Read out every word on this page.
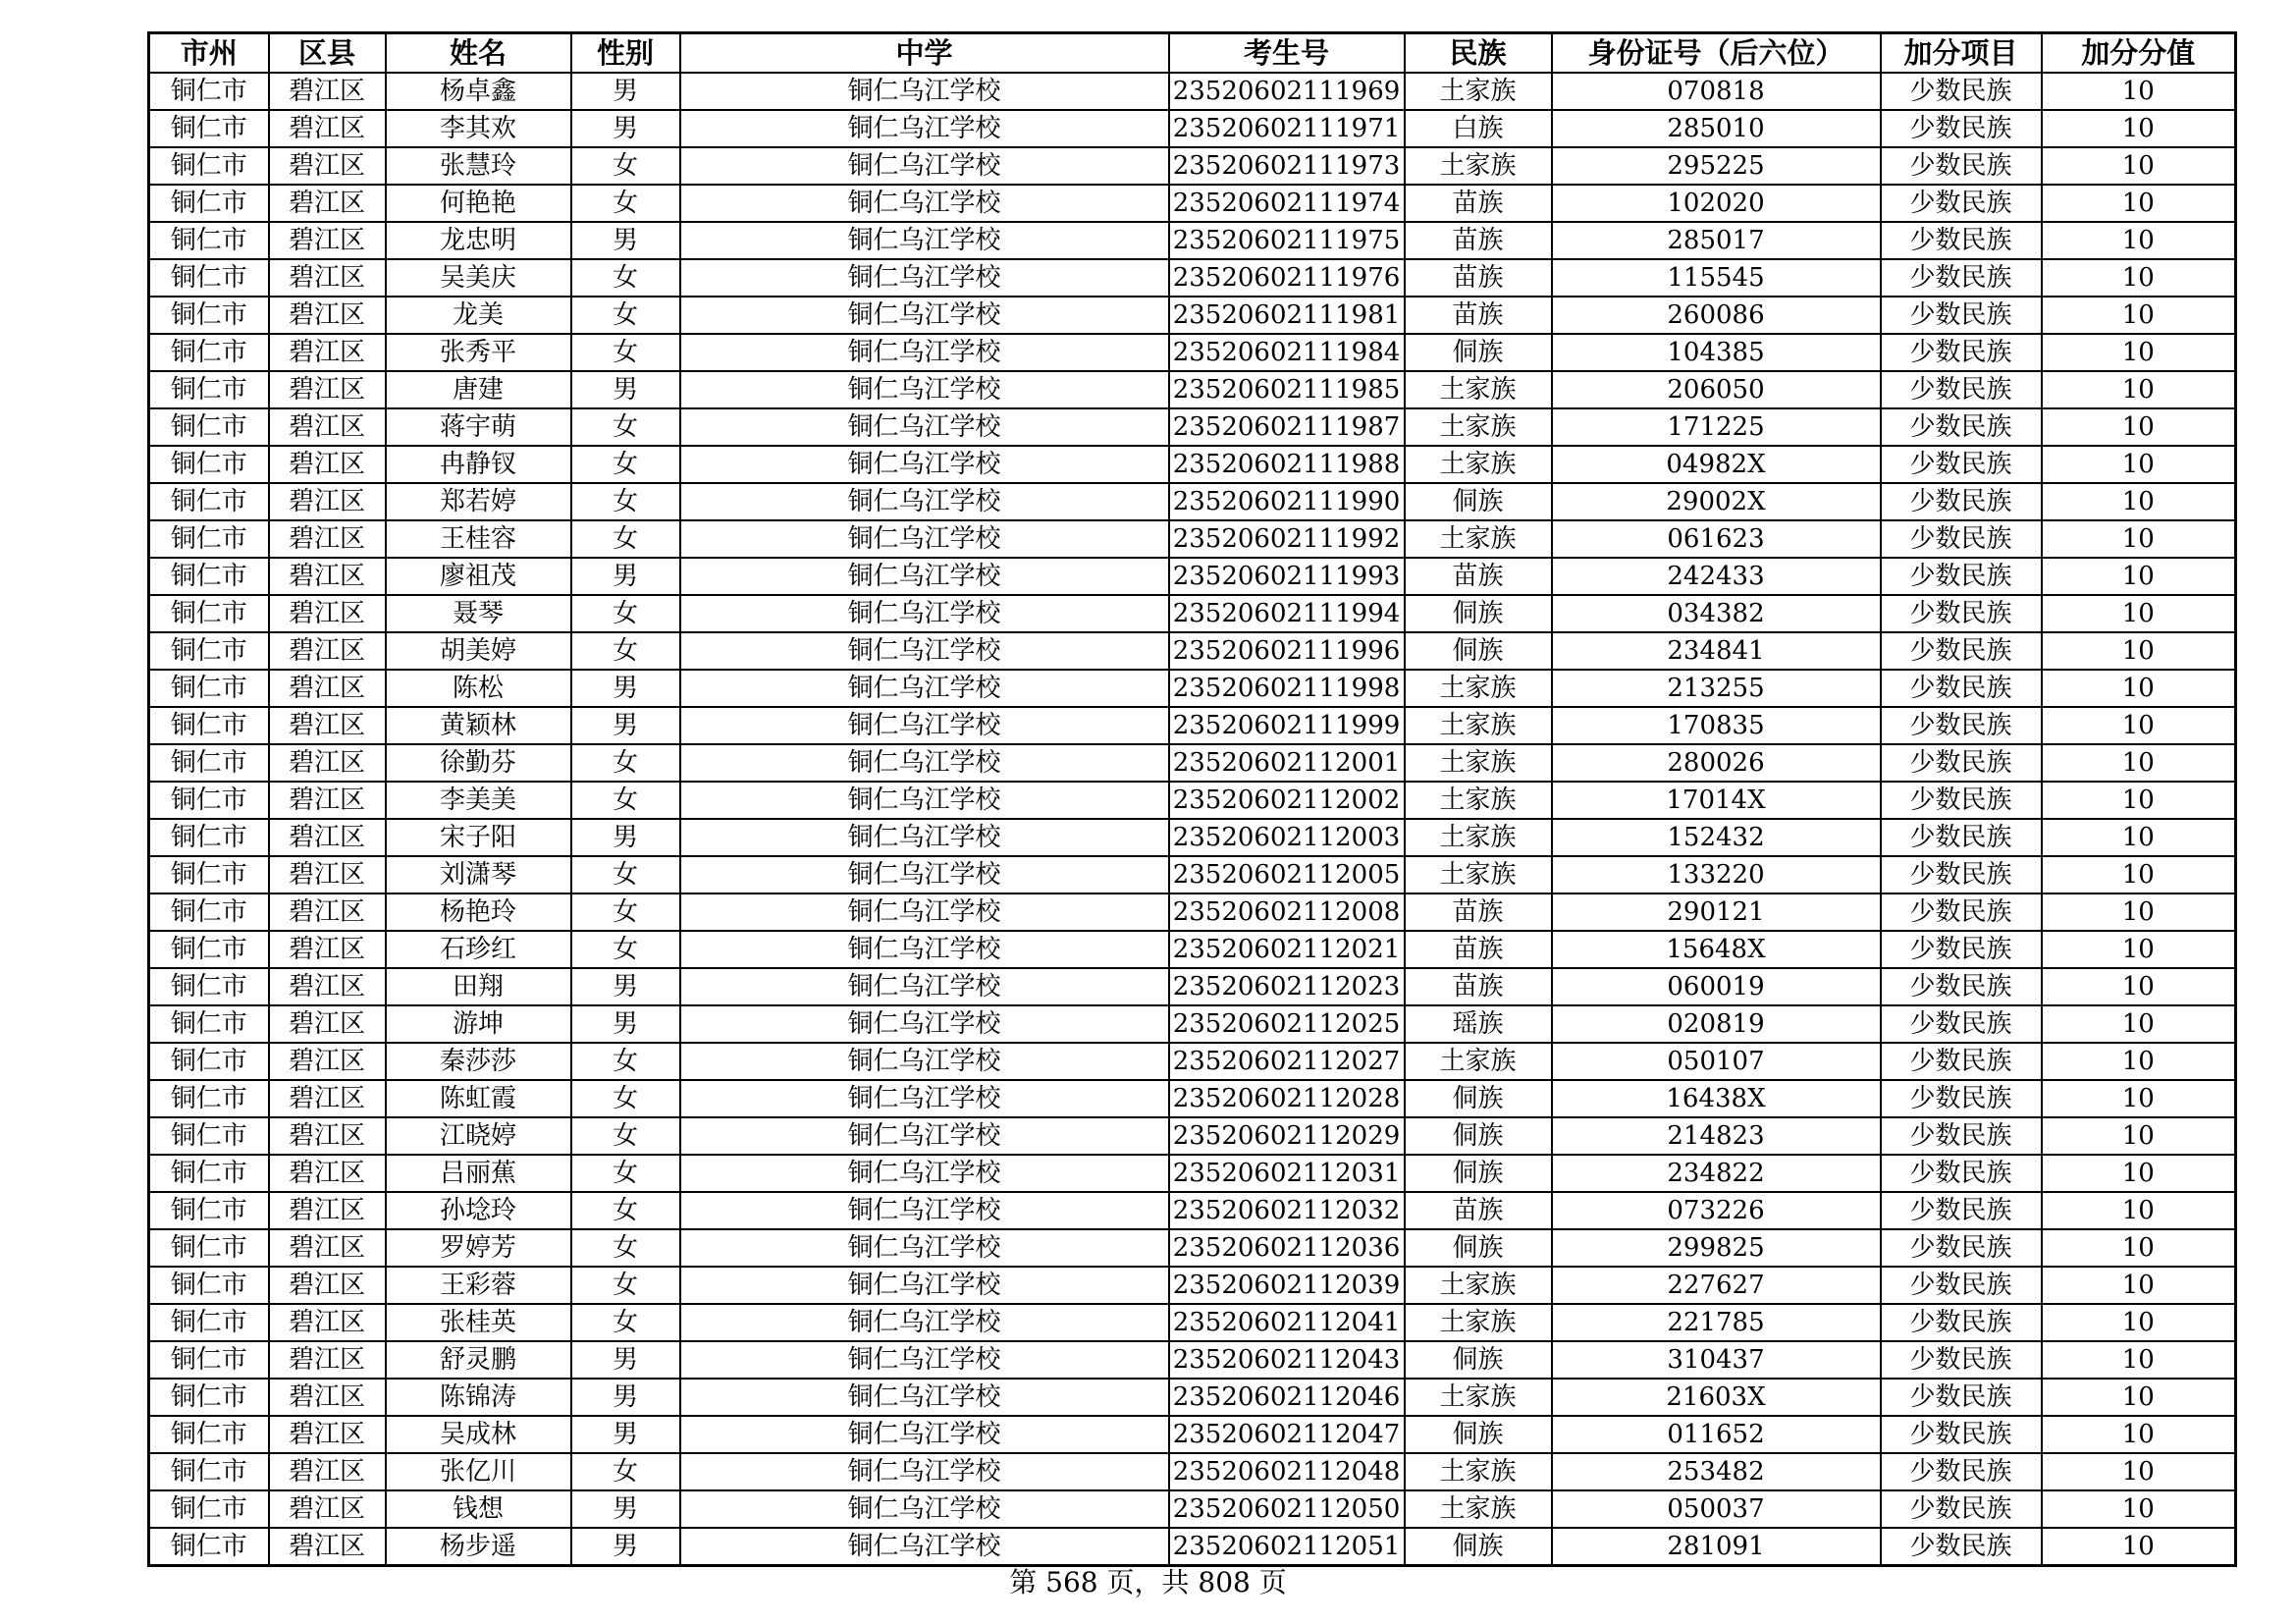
市州	区县	姓名	性别	中学	考生号	民族	身份证号（后六位）	加分项目	加分分值
铜仁市	碧江区	杨卓鑫	男	铜仁乌江学校	23520602111969	土家族	070818	少数民族	10
铜仁市	碧江区	李其欢	男	铜仁乌江学校	23520602111971	白族	285010	少数民族	10
铜仁市	碧江区	张慧玲	女	铜仁乌江学校	23520602111973	土家族	295225	少数民族	10
铜仁市	碧江区	何艳艳	女	铜仁乌江学校	23520602111974	苗族	102020	少数民族	10
铜仁市	碧江区	龙忠明	男	铜仁乌江学校	23520602111975	苗族	285017	少数民族	10
铜仁市	碧江区	吴美庆	女	铜仁乌江学校	23520602111976	苗族	115545	少数民族	10
铜仁市	碧江区	龙美	女	铜仁乌江学校	23520602111981	苗族	260086	少数民族	10
铜仁市	碧江区	张秀平	女	铜仁乌江学校	23520602111984	侗族	104385	少数民族	10
铜仁市	碧江区	唐建	男	铜仁乌江学校	23520602111985	土家族	206050	少数民族	10
铜仁市	碧江区	蒋宇萌	女	铜仁乌江学校	23520602111987	土家族	171225	少数民族	10
铜仁市	碧江区	冉静钗	女	铜仁乌江学校	23520602111988	土家族	04982X	少数民族	10
铜仁市	碧江区	郑若婷	女	铜仁乌江学校	23520602111990	侗族	29002X	少数民族	10
铜仁市	碧江区	王桂容	女	铜仁乌江学校	23520602111992	土家族	061623	少数民族	10
铜仁市	碧江区	廖祖茂	男	铜仁乌江学校	23520602111993	苗族	242433	少数民族	10
铜仁市	碧江区	聂琴	女	铜仁乌江学校	23520602111994	侗族	034382	少数民族	10
铜仁市	碧江区	胡美婷	女	铜仁乌江学校	23520602111996	侗族	234841	少数民族	10
铜仁市	碧江区	陈松	男	铜仁乌江学校	23520602111998	土家族	213255	少数民族	10
铜仁市	碧江区	黄颖林	男	铜仁乌江学校	23520602111999	土家族	170835	少数民族	10
铜仁市	碧江区	徐勤芬	女	铜仁乌江学校	23520602112001	土家族	280026	少数民族	10
铜仁市	碧江区	李美美	女	铜仁乌江学校	23520602112002	土家族	17014X	少数民族	10
铜仁市	碧江区	宋子阳	男	铜仁乌江学校	23520602112003	土家族	152432	少数民族	10
铜仁市	碧江区	刘潇琴	女	铜仁乌江学校	23520602112005	土家族	133220	少数民族	10
铜仁市	碧江区	杨艳玲	女	铜仁乌江学校	23520602112008	苗族	290121	少数民族	10
铜仁市	碧江区	石珍红	女	铜仁乌江学校	23520602112021	苗族	15648X	少数民族	10
铜仁市	碧江区	田翔	男	铜仁乌江学校	23520602112023	苗族	060019	少数民族	10
铜仁市	碧江区	游坤	男	铜仁乌江学校	23520602112025	瑶族	020819	少数民族	10
铜仁市	碧江区	秦莎莎	女	铜仁乌江学校	23520602112027	土家族	050107	少数民族	10
铜仁市	碧江区	陈虹霞	女	铜仁乌江学校	23520602112028	侗族	16438X	少数民族	10
铜仁市	碧江区	江晓婷	女	铜仁乌江学校	23520602112029	侗族	214823	少数民族	10
铜仁市	碧江区	吕丽蕉	女	铜仁乌江学校	23520602112031	侗族	234822	少数民族	10
铜仁市	碧江区	孙埝玲	女	铜仁乌江学校	23520602112032	苗族	073226	少数民族	10
铜仁市	碧江区	罗婷芳	女	铜仁乌江学校	23520602112036	侗族	299825	少数民族	10
铜仁市	碧江区	王彩蓉	女	铜仁乌江学校	23520602112039	土家族	227627	少数民族	10
铜仁市	碧江区	张桂英	女	铜仁乌江学校	23520602112041	土家族	221785	少数民族	10
铜仁市	碧江区	舒灵鹏	男	铜仁乌江学校	23520602112043	侗族	310437	少数民族	10
铜仁市	碧江区	陈锦涛	男	铜仁乌江学校	23520602112046	土家族	21603X	少数民族	10
铜仁市	碧江区	吴成林	男	铜仁乌江学校	23520602112047	侗族	011652	少数民族	10
铜仁市	碧江区	张亿川	女	铜仁乌江学校	23520602112048	土家族	253482	少数民族	10
铜仁市	碧江区	钱想	男	铜仁乌江学校	23520602112050	土家族	050037	少数民族	10
铜仁市	碧江区	杨步遥	男	铜仁乌江学校	23520602112051	侗族	281091	少数民族	10
第 568 页，共 808 页
